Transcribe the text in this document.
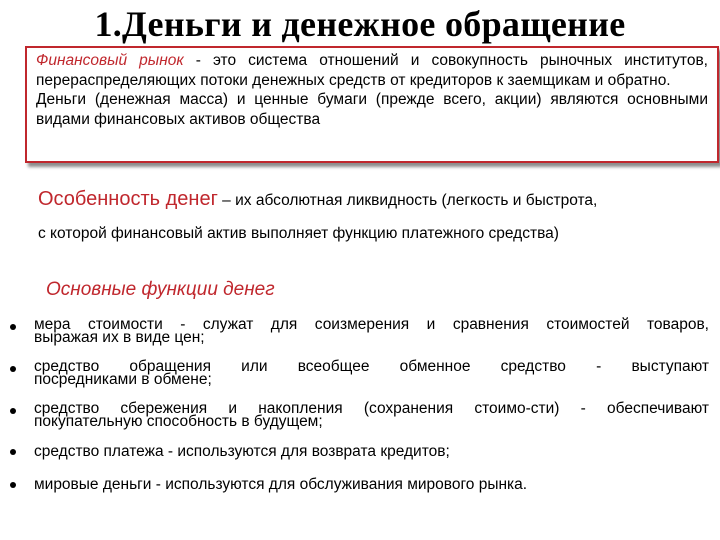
1.Деньги и денежное обращение

Финансовый рынок - это система отношений и совокупность рыночных институтов, перераспределяющих потоки денежных средств от кредиторов к заемщикам и обратно.

Деньги (денежная масса) и ценные бумаги (прежде всего, акции) являются основными видами финансовых активов общества

Особенность денег – их абсолютная ликвидность (легкость и быстрота,
с которой финансовый актив выполняет функцию платежного средства)
Основные функции денег
мера стоимости - служат для соизмерения и сравнения стоимостей товаров,
выражая их в виде цен;
средство обращения или всеобщее обменное средство - выступают
посредниками в обмене;
средство сбережения и накопления (сохранения стоимо-сти) - обеспечивают
покупательную способность в будущем;
средство платежа - используются для возврата кредитов;
мировые деньги - используются для обслуживания мирового рынка.
